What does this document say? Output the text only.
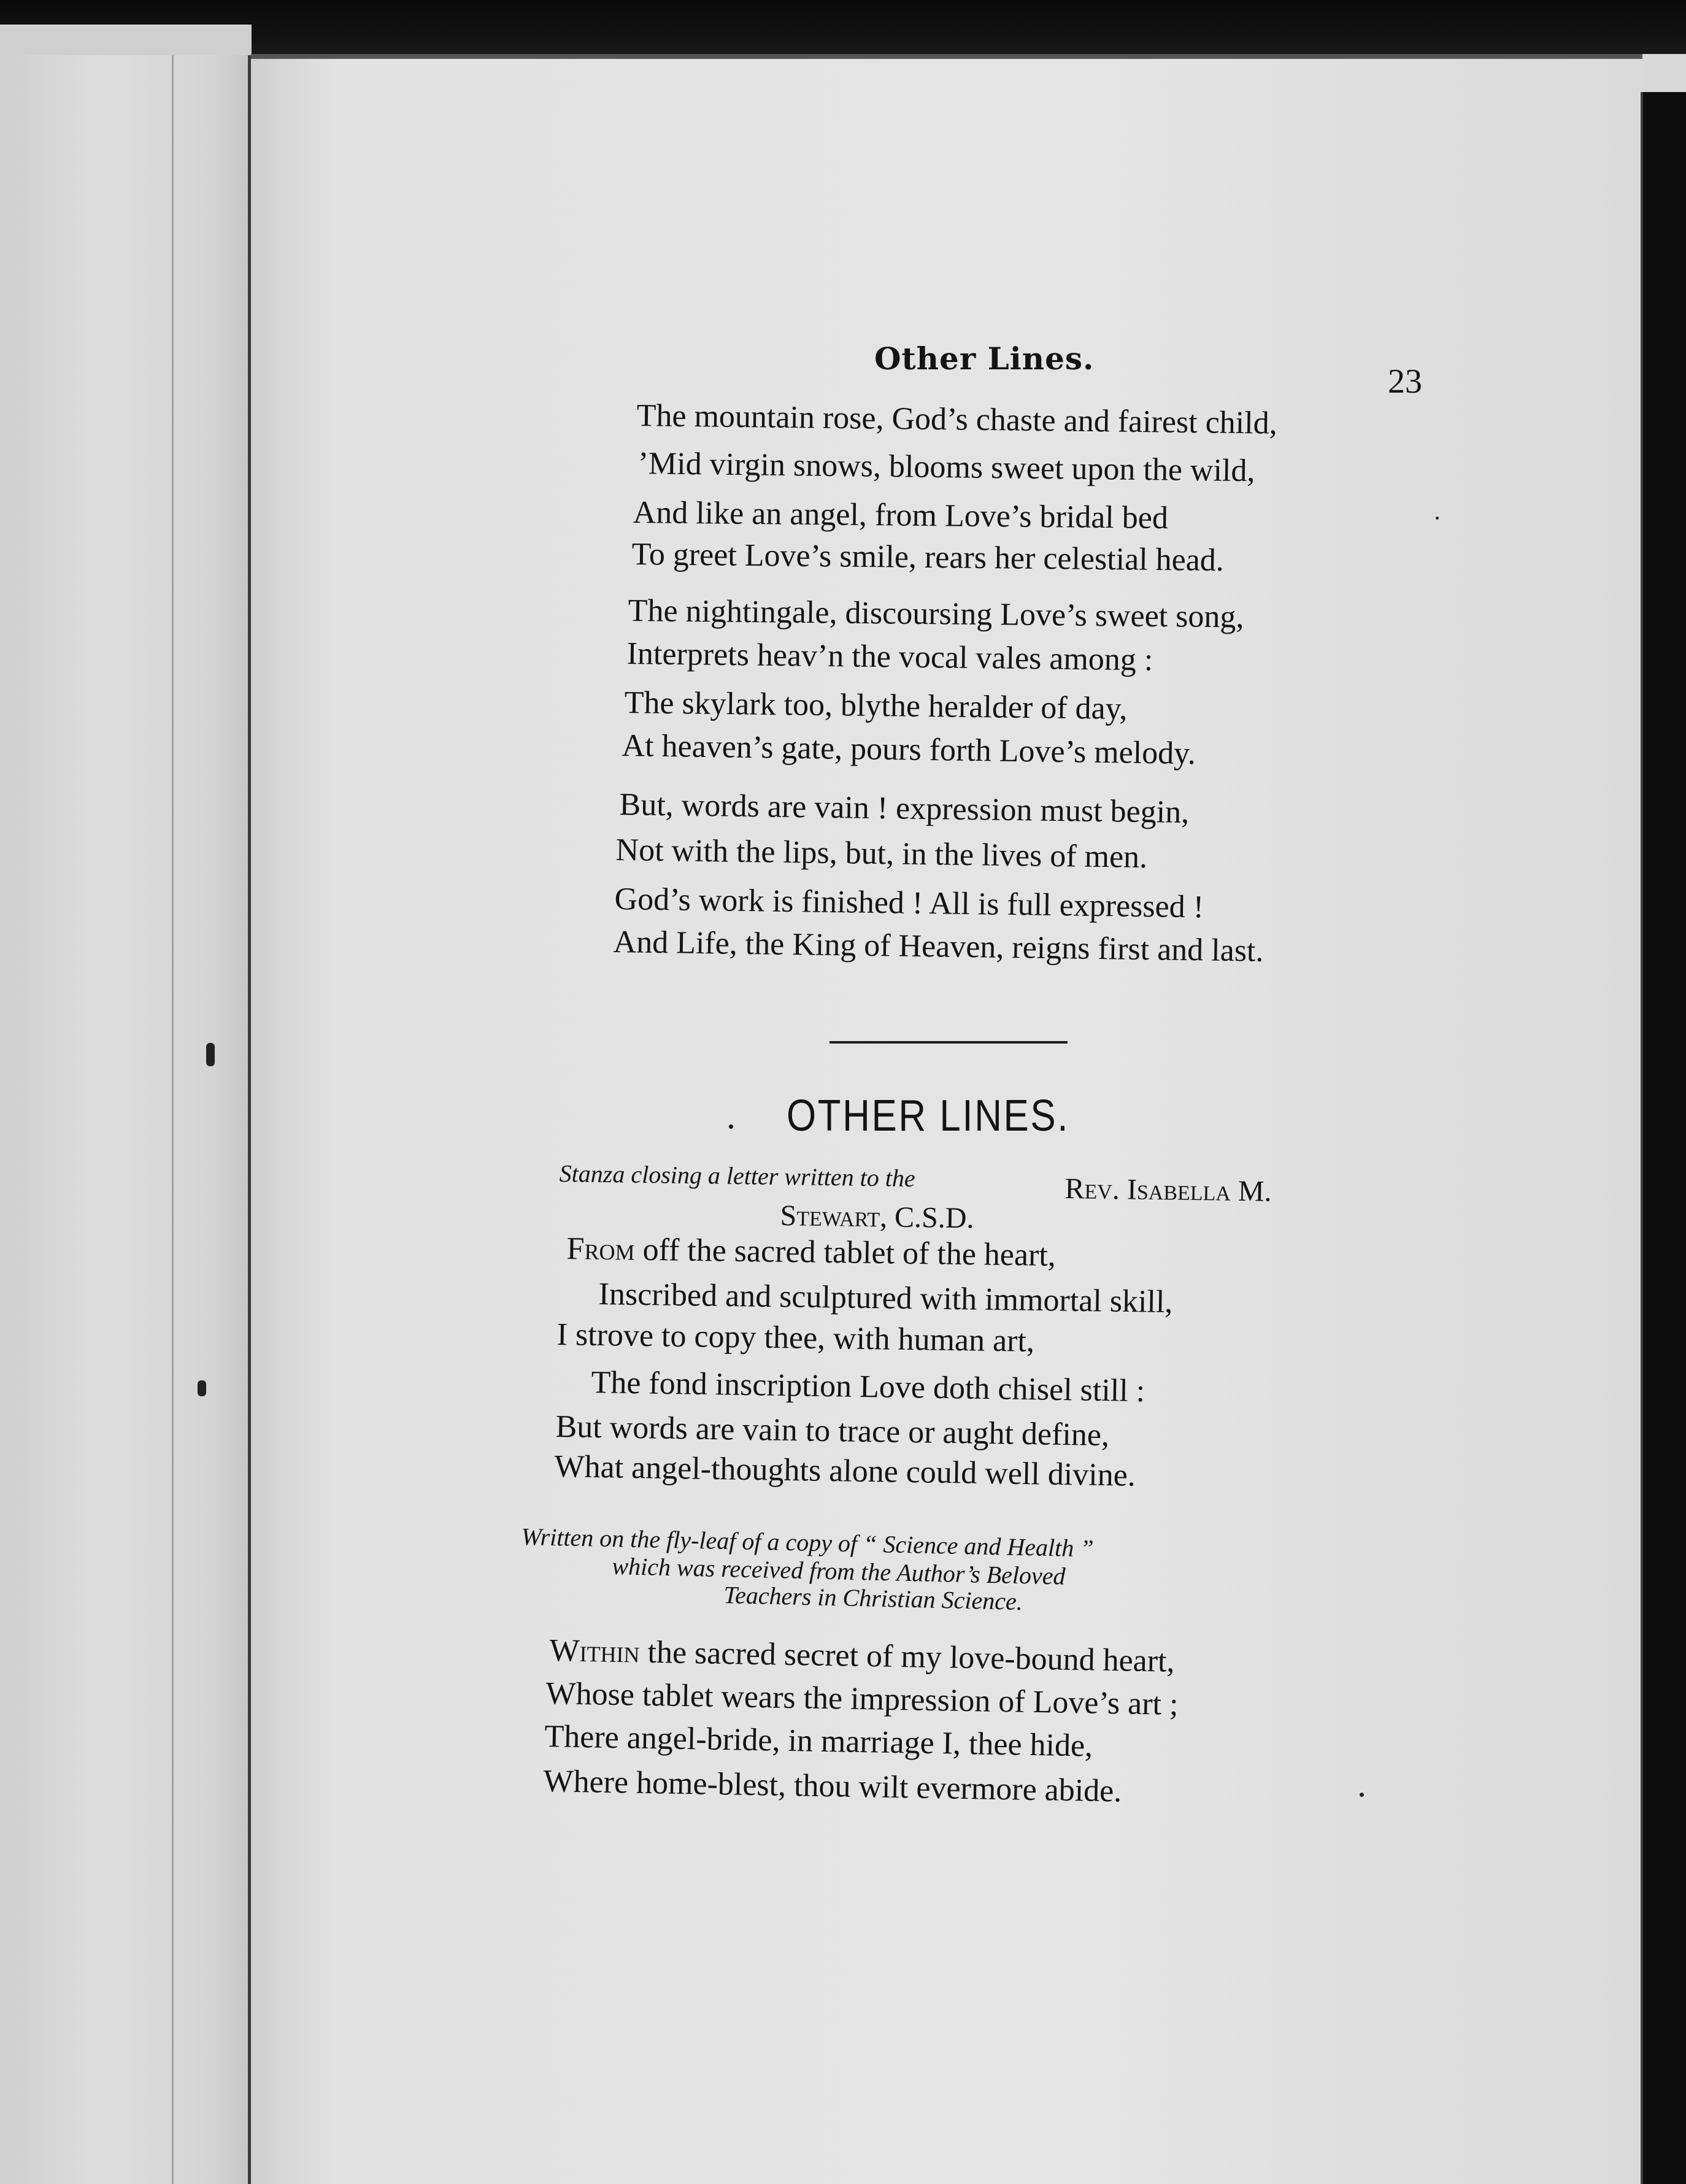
Other Lines.
23
The mountain rose, God’s chaste and fairest child,
’Mid virgin snows, blooms sweet upon the wild,
And like an angel, from Love’s bridal bed
To greet Love’s smile, rears her celestial head.
The nightingale, discoursing Love’s sweet song,
Interprets heav’n the vocal vales among :
The skylark too, blythe heralder of day,
At heaven’s gate, pours forth Love’s melody.
But, words are vain ! expression must begin,
Not with the lips, but, in the lives of men.
God’s work is finished ! All is full expressed !
And Life, the King of Heaven, reigns first and last.
. OTHER LINES.
Stanza closing a letter written to the	Rev. Isabella M.
Stewart, C.S.D.
From off the sacred tablet of the heart,
Inscribed and sculptured with immortal skill,
I strove to copy thee, with human art,
The fond inscription Love doth chisel still :
But words are vain to trace or aught define,
What angel-thoughts alone could well divine.
Written on the fly-leaf of a copy of “ Science and Health ”
which was received from the Author’s Beloved
Teachers in Christian Science.
Within the sacred secret of my love-bound heart,
Whose tablet wears the impression of Love’s art ;
There angel-bride, in marriage I, thee hide,
Where home-blest, thou wilt evermore abide.
